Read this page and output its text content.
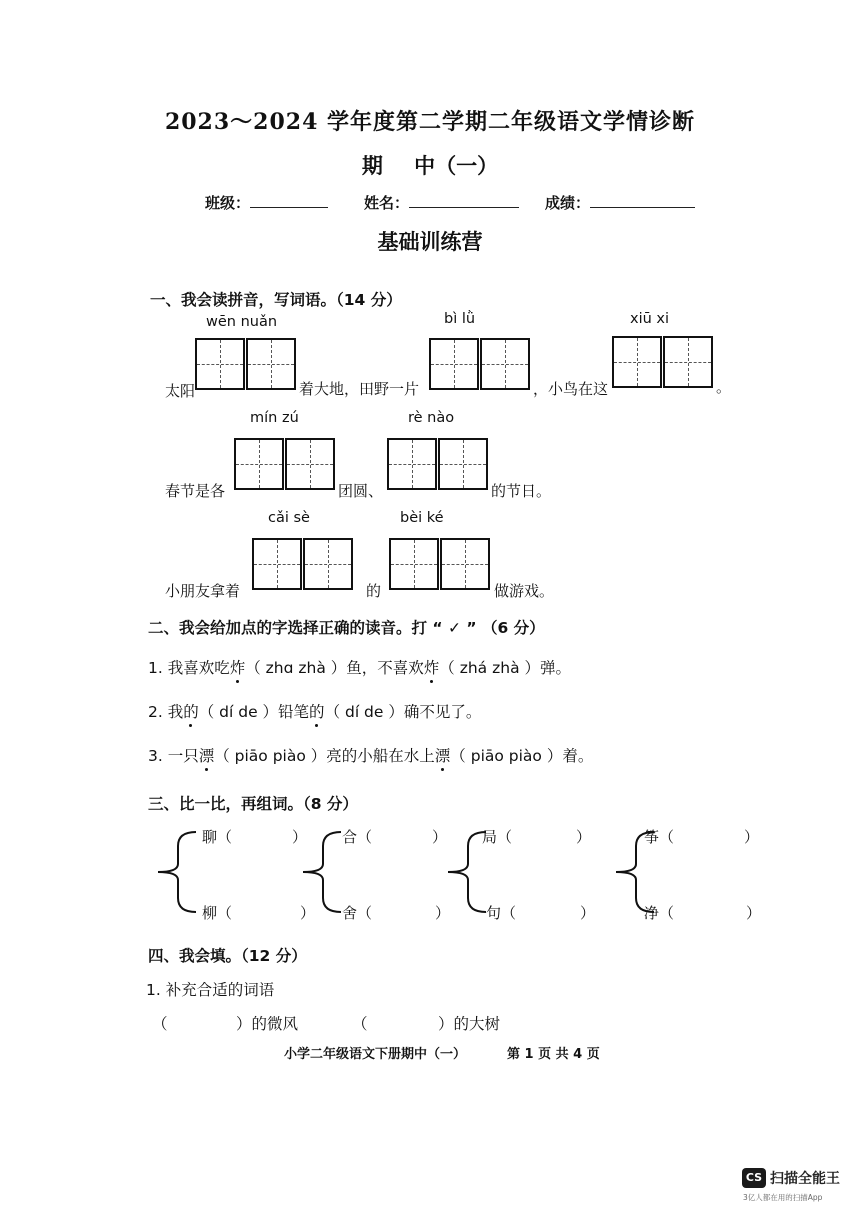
2023～2024 学年度第二学期二年级语文学情诊断
期 中（一）
班级：	姓名：	成绩：
基础训练营
一、我会读拼音，写词语。（14 分）
wēn nuǎn	bì lǜ	xiū xi
太阳	着大地，田野一片	，小鸟在这	。
mín zú	rè nào
春节是各	团圆、	的节日。
cǎi sè	bèi ké
小朋友拿着	的	做游戏。
二、我会给加点的字选择正确的读音。打 “ ✓ ” （6 分）
1. 我喜欢吃炸（ zhɑ zhà ）鱼，不喜欢炸（ zhá zhà ）弹。
2. 我的（ dí de ）铅笔的（ dí de ）确不见了。
3. 一只漂（ piāo piào ）亮的小船在水上漂（ piāo piào ）着。
三、比一比，再组词。（8 分）
聊（	）
柳（	）
合（	）
舍（	）
局（	）
句（	）
筝（	）
净（	）
四、我会填。（12 分）
1. 补充合适的词语
（	）的微风	（	）的大树
小学二年级语文下册期中（一）	第 1 页 共 4 页
CS 扫描全能王
3亿人都在用的扫描App
